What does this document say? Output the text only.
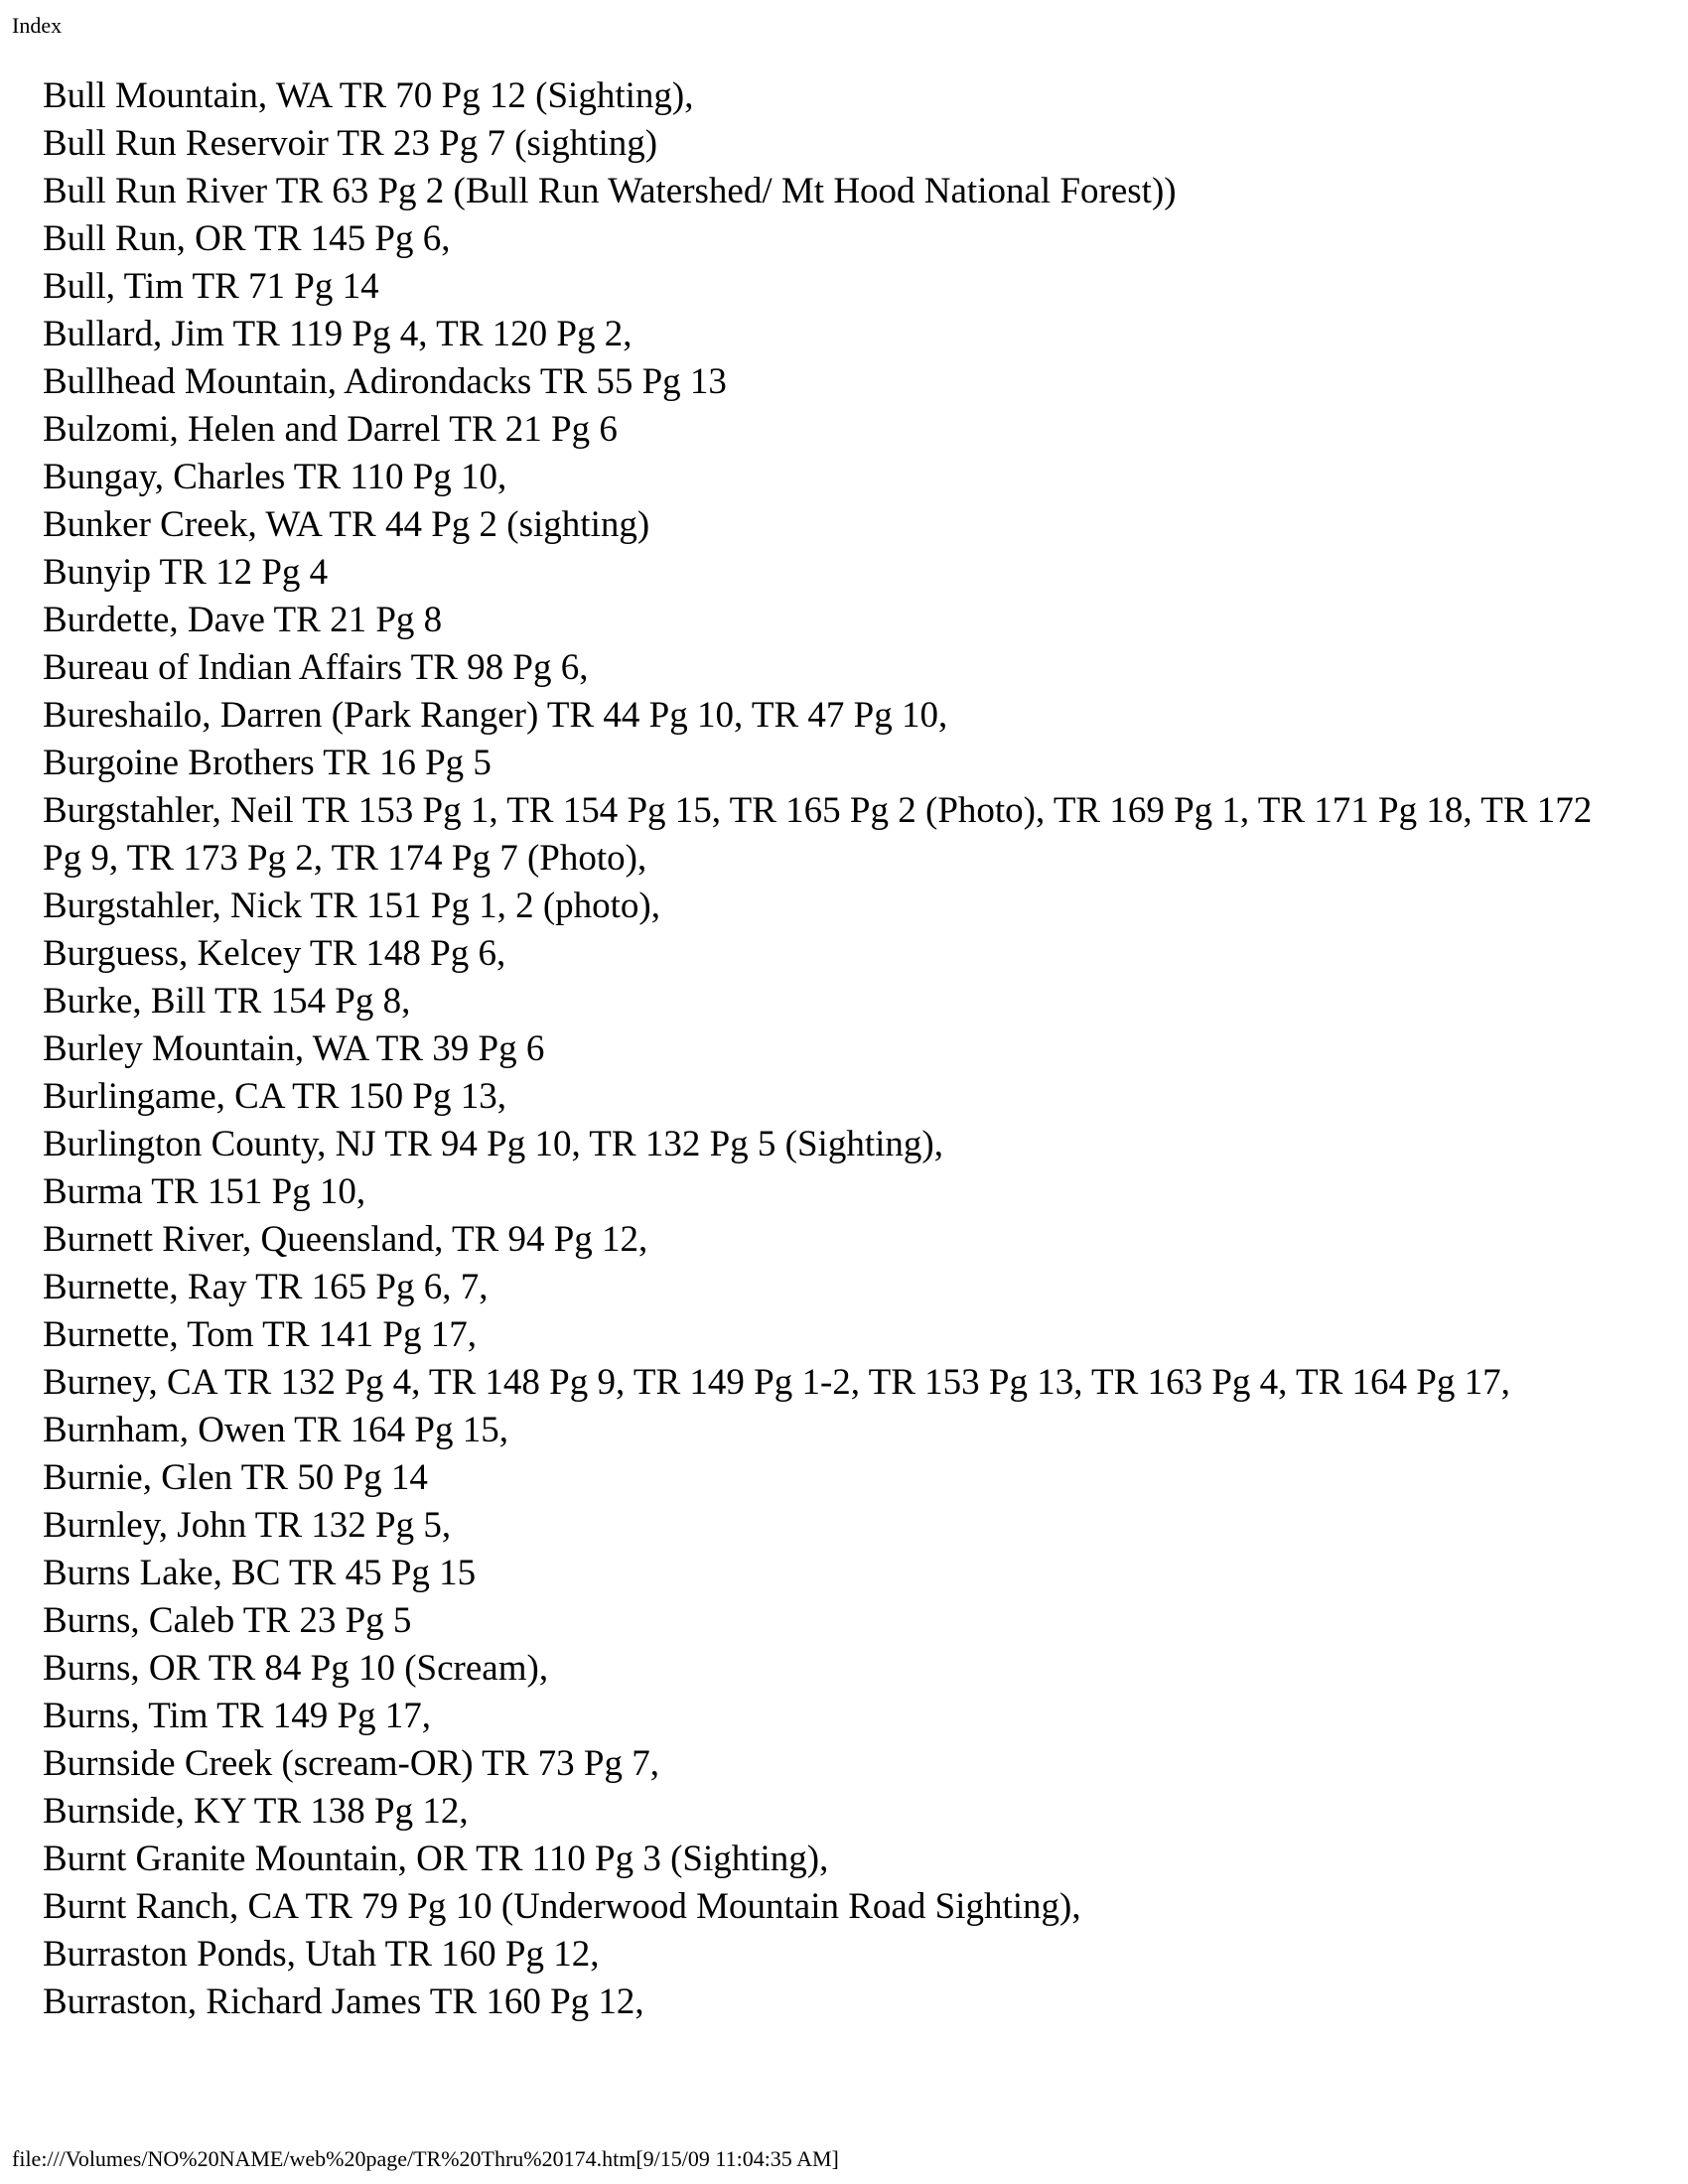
Index
Bull Mountain, WA TR 70 Pg 12 (Sighting),
Bull Run Reservoir TR 23 Pg 7 (sighting)
Bull Run River TR 63 Pg 2 (Bull Run Watershed/ Mt Hood National Forest))
Bull Run, OR TR 145 Pg 6,
Bull, Tim TR 71 Pg 14
Bullard, Jim TR 119 Pg 4, TR 120 Pg 2,
Bullhead Mountain, Adirondacks TR 55 Pg 13
Bulzomi, Helen and Darrel TR 21 Pg 6
Bungay, Charles TR 110 Pg 10,
Bunker Creek, WA TR 44 Pg 2 (sighting)
Bunyip TR 12 Pg 4
Burdette, Dave TR 21 Pg 8
Bureau of Indian Affairs TR 98 Pg 6,
Bureshailo, Darren (Park Ranger) TR 44 Pg 10, TR 47 Pg 10,
Burgoine Brothers TR 16 Pg 5
Burgstahler, Neil TR 153 Pg 1, TR 154 Pg 15, TR 165 Pg 2 (Photo), TR 169 Pg 1, TR 171 Pg 18, TR 172 Pg 9, TR 173 Pg 2, TR 174 Pg 7 (Photo),
Burgstahler, Nick TR 151 Pg 1, 2 (photo),
Burguess, Kelcey TR 148 Pg 6,
Burke, Bill TR 154 Pg 8,
Burley Mountain, WA TR 39 Pg 6
Burlingame, CA TR 150 Pg 13,
Burlington County, NJ TR 94 Pg 10, TR 132 Pg 5 (Sighting),
Burma TR 151 Pg 10,
Burnett River, Queensland, TR 94 Pg 12,
Burnette, Ray TR 165 Pg 6, 7,
Burnette, Tom TR 141 Pg 17,
Burney, CA TR 132 Pg 4, TR 148 Pg 9, TR 149 Pg 1-2, TR 153 Pg 13, TR 163 Pg 4, TR 164 Pg 17,
Burnham, Owen TR 164 Pg 15,
Burnie, Glen TR 50 Pg 14
Burnley, John TR 132 Pg 5,
Burns Lake, BC TR 45 Pg 15
Burns, Caleb TR 23 Pg 5
Burns, OR TR 84 Pg 10 (Scream),
Burns, Tim TR 149 Pg 17,
Burnside Creek (scream-OR) TR 73 Pg 7,
Burnside, KY TR 138 Pg 12,
Burnt Granite Mountain, OR TR 110 Pg 3 (Sighting),
Burnt Ranch, CA TR 79 Pg 10 (Underwood Mountain Road Sighting),
Burraston Ponds, Utah TR 160 Pg 12,
Burraston, Richard James TR 160 Pg 12,
file:///Volumes/NO%20NAME/web%20page/TR%20Thru%20174.htm[9/15/09 11:04:35 AM]
